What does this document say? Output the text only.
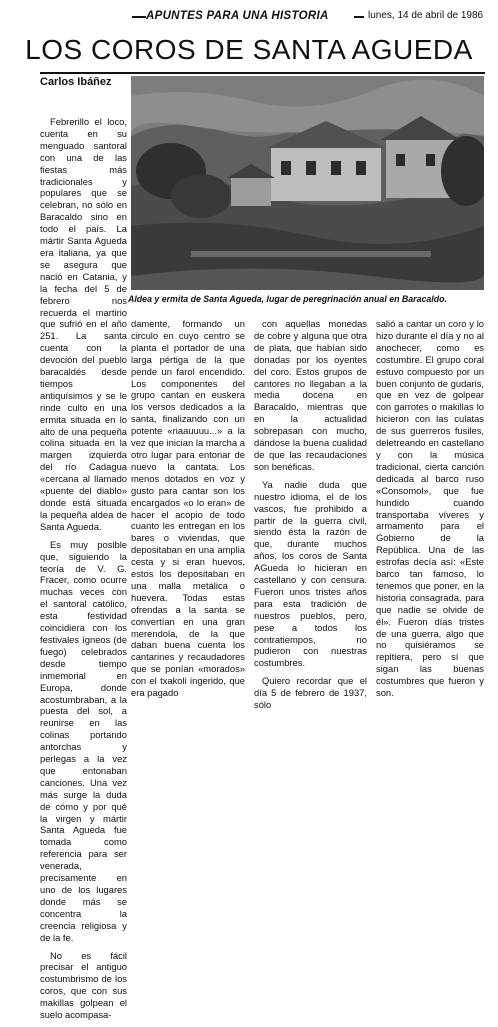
APUNTES PARA UNA HISTORIA	lunes, 14 de abril de 1986
LOS COROS DE SANTA AGUEDA
Carlos Ibáñez
Aldea y ermita de Santa Agueda, lugar de peregrinación anual en Baracaldo.

Febrerillo el loco, cuenta en su menguado santoral con una de las fiestas más tradicionales y populares que se celebran, no sólo en Baracaldo sino en todo el país. La mártir Santa Agueda era italiana, ya que se asegura que nació en Catania, y la fecha del 5 de febrero nos recuerda el martirio que sufrió en el año 251. La santa cuenta con la devoción del pueblo baracaldés desde tiempos antiquísimos y se le rinde culto en una ermita situada en lo alto de una pequeña colina situada en la margen izquierda del río Cadagua «cercana al llamado «puente del diablo» donde está situada la pequeña aldea de Santa Agueda.

Es muy posible que, siguiendo la teoría de V. G. Fracer, como ocurre muchas veces con el santoral católico, esta festividad coincidiera con los festivales ígneos (de fuego) celebrados desde tiempo inmemorial en Europa, donde acostumbraban, a la puesta del sol, a reunirse en las colinas portando antorchas y perlegas a la vez que entonaban canciones. Una vez más surge la duda de cómo y por qué la virgen y mártir Santa Agueda fue tomada como referencia para ser venerada, precisamente en uno de los lugares donde más se concentra la creencia religiosa y de la fe.

No es fácil precisar el antiguo costumbrismo de los coros, que con sus makillas golpean el suelo acompasa-

damente, formando un circulo en cuyo centro se planta el portador de una larga pértiga de la que pende un farol encendido. Los componentes del grupo cantan en euskera los versos dedicados a la santa, finalizando con un potente «riaauuuu...» a la vez que inician la marcha a otro lugar para entonar de nuevo la cantata. Los menos dotados en voz y gusto para cantar son los encargados «o lo eran» de hacer el acopio de todo cuanto les entregan en los bares o viviendas, que depositaban en una amplia cesta y si eran huevos, estos los depositaban en una malla metálica o huevera. Todas estas ofrendas a la santa se convertían en una gran merendola, de la que daban buena cuenta los cantarines y recaudadores que se ponían «morados» con el txakoli ingerido, que era pagado

con aquellas monedas de cobre y alguna que otra de plata, que habían sido donadas por los oyentes del coro. Estos grupos de cantores no llegaban a la media docena en Baracaldo, mientras que en la actualidad sobrepasan con mucho, dándose la buena cualidad de que las recaudaciones son benéficas.

Ya nadie duda que nuestro idioma, el de los vascos, fue prohibido a partir de la guerra civil, siendo ésta la razón de que, durante muchos años, los coros de Santa AGueda lo hicieran en castellano y con censura. Fueron unos tristes años para esta tradición de nuestros pueblos, pero, pese a todos los contratiempos, no pudieron con nuestras costumbres.

Quiero recordar que el día 5 de febrero de 1937, sólo

salió a cantar un coro y lo hizo durante el día y no al anochecer, como es costumbre. El grupo coral estuvo compuesto por un buen conjunto de gudaris, que en vez de golpear con garrotes o makillas lo hicieron con las culatas de sus guerreros fusiles, deletreando en castellano y con la música tradicional, cierta canción dedicada al barco ruso «Consomol», que fue hundido cuando transportaba víveres y armamento para el Gobierno de la República. Una de las estrofas decía así: «Este barco tan famoso, lo tenemos que poner, en la historia consagrada, para que nadie se olvide de él». Fueron días tristes de una guerra, algo que no quisiéramos se repitiera, pero sí que sigan las buenas costumbres que fueron y son.
